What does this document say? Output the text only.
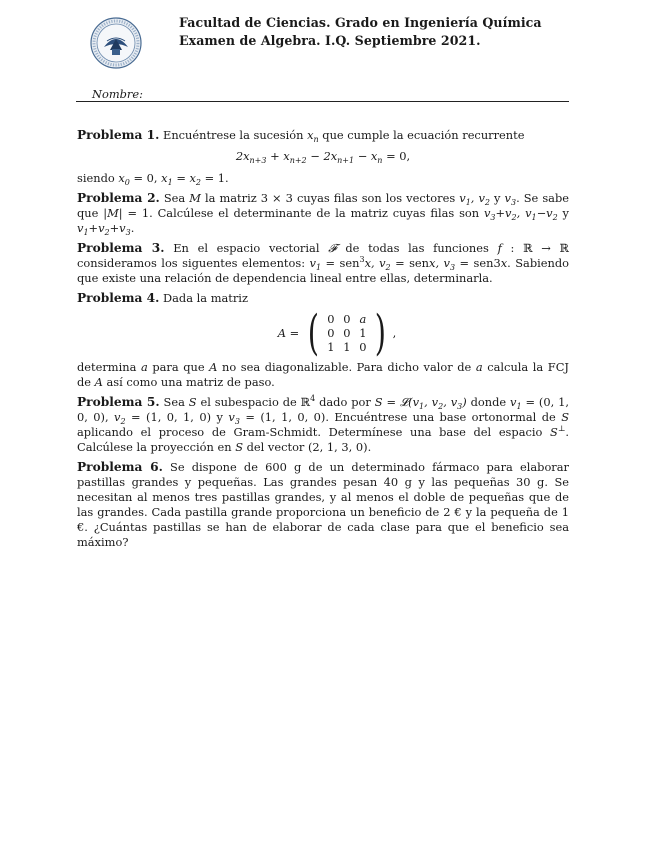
Facultad de Ciencias. Grado en Ingeniería Química
Examen de Algebra. I.Q. Septiembre 2021.
Nombre:

Problema 1. Encuéntrese la sucesión $x_n$ que cumple la ecuación recurrente

$2x_{n+3} + x_{n+2} - 2x_{n+1} - x_n = 0$,

siendo $x_0 = 0$, $x_1 = x_2 = 1$.

Problema 2. Sea M la matriz 3 × 3 cuyas filas son los vectores $v_1$, $v_2$ y $v_3$. Se sabe que |M| = 1. Calcúlese el determinante de la matriz cuyas filas son $v_3+v_2$, $v_1-v_2$ y $v_1+v_2+v_3$.

Problema 3. En el espacio vectorial 𝓕 de todas las funciones f : ℝ → ℝ consideramos los siguentes elementos: $v_1 = sen^3x$, $v_2$ = senx, $v_3 = sen3x$. Sabiendo que existe una relación de dependencia lineal entre ellas, determinarla.

Problema 4. Dada la matriz

A = ( 0 0 a
0 0 1
1 1 0 ) ,

determina a para que A no sea diagonalizable. Para dicho valor de a calcula la FCJ de A así como una matriz de paso.

Problema 5. Sea S el subespacio de ℝ$^4$ dado por $S = 𝓛(v_1$, $v_2$, $v_3$) donde $v_1 = (0$, 1, 0, 0), $v_2 = (1$, 0, 1, 0) y $v_3 = (1$, 1, 0, 0). Encuéntrese una base ortonormal de S aplicando el proceso de Gram-Schmidt. Determínese una base del espacio S⊥. Calcúlese la proyección en S del vector (2, 1, 3, 0).

Problema 6. Se dispone de 600 g de un determinado fármaco para elaborar pastillas grandes y pequeñas. Las grandes pesan 40 g y las pequeñas 30 g. Se necesitan al menos tres pastillas grandes, y al menos el doble de pequeñas que de las grandes. Cada pastilla grande proporciona un beneficio de 2 € y la pequeña de 1 €. ¿Cuántas pastillas se han de elaborar de cada clase para que el beneficio sea máximo?
